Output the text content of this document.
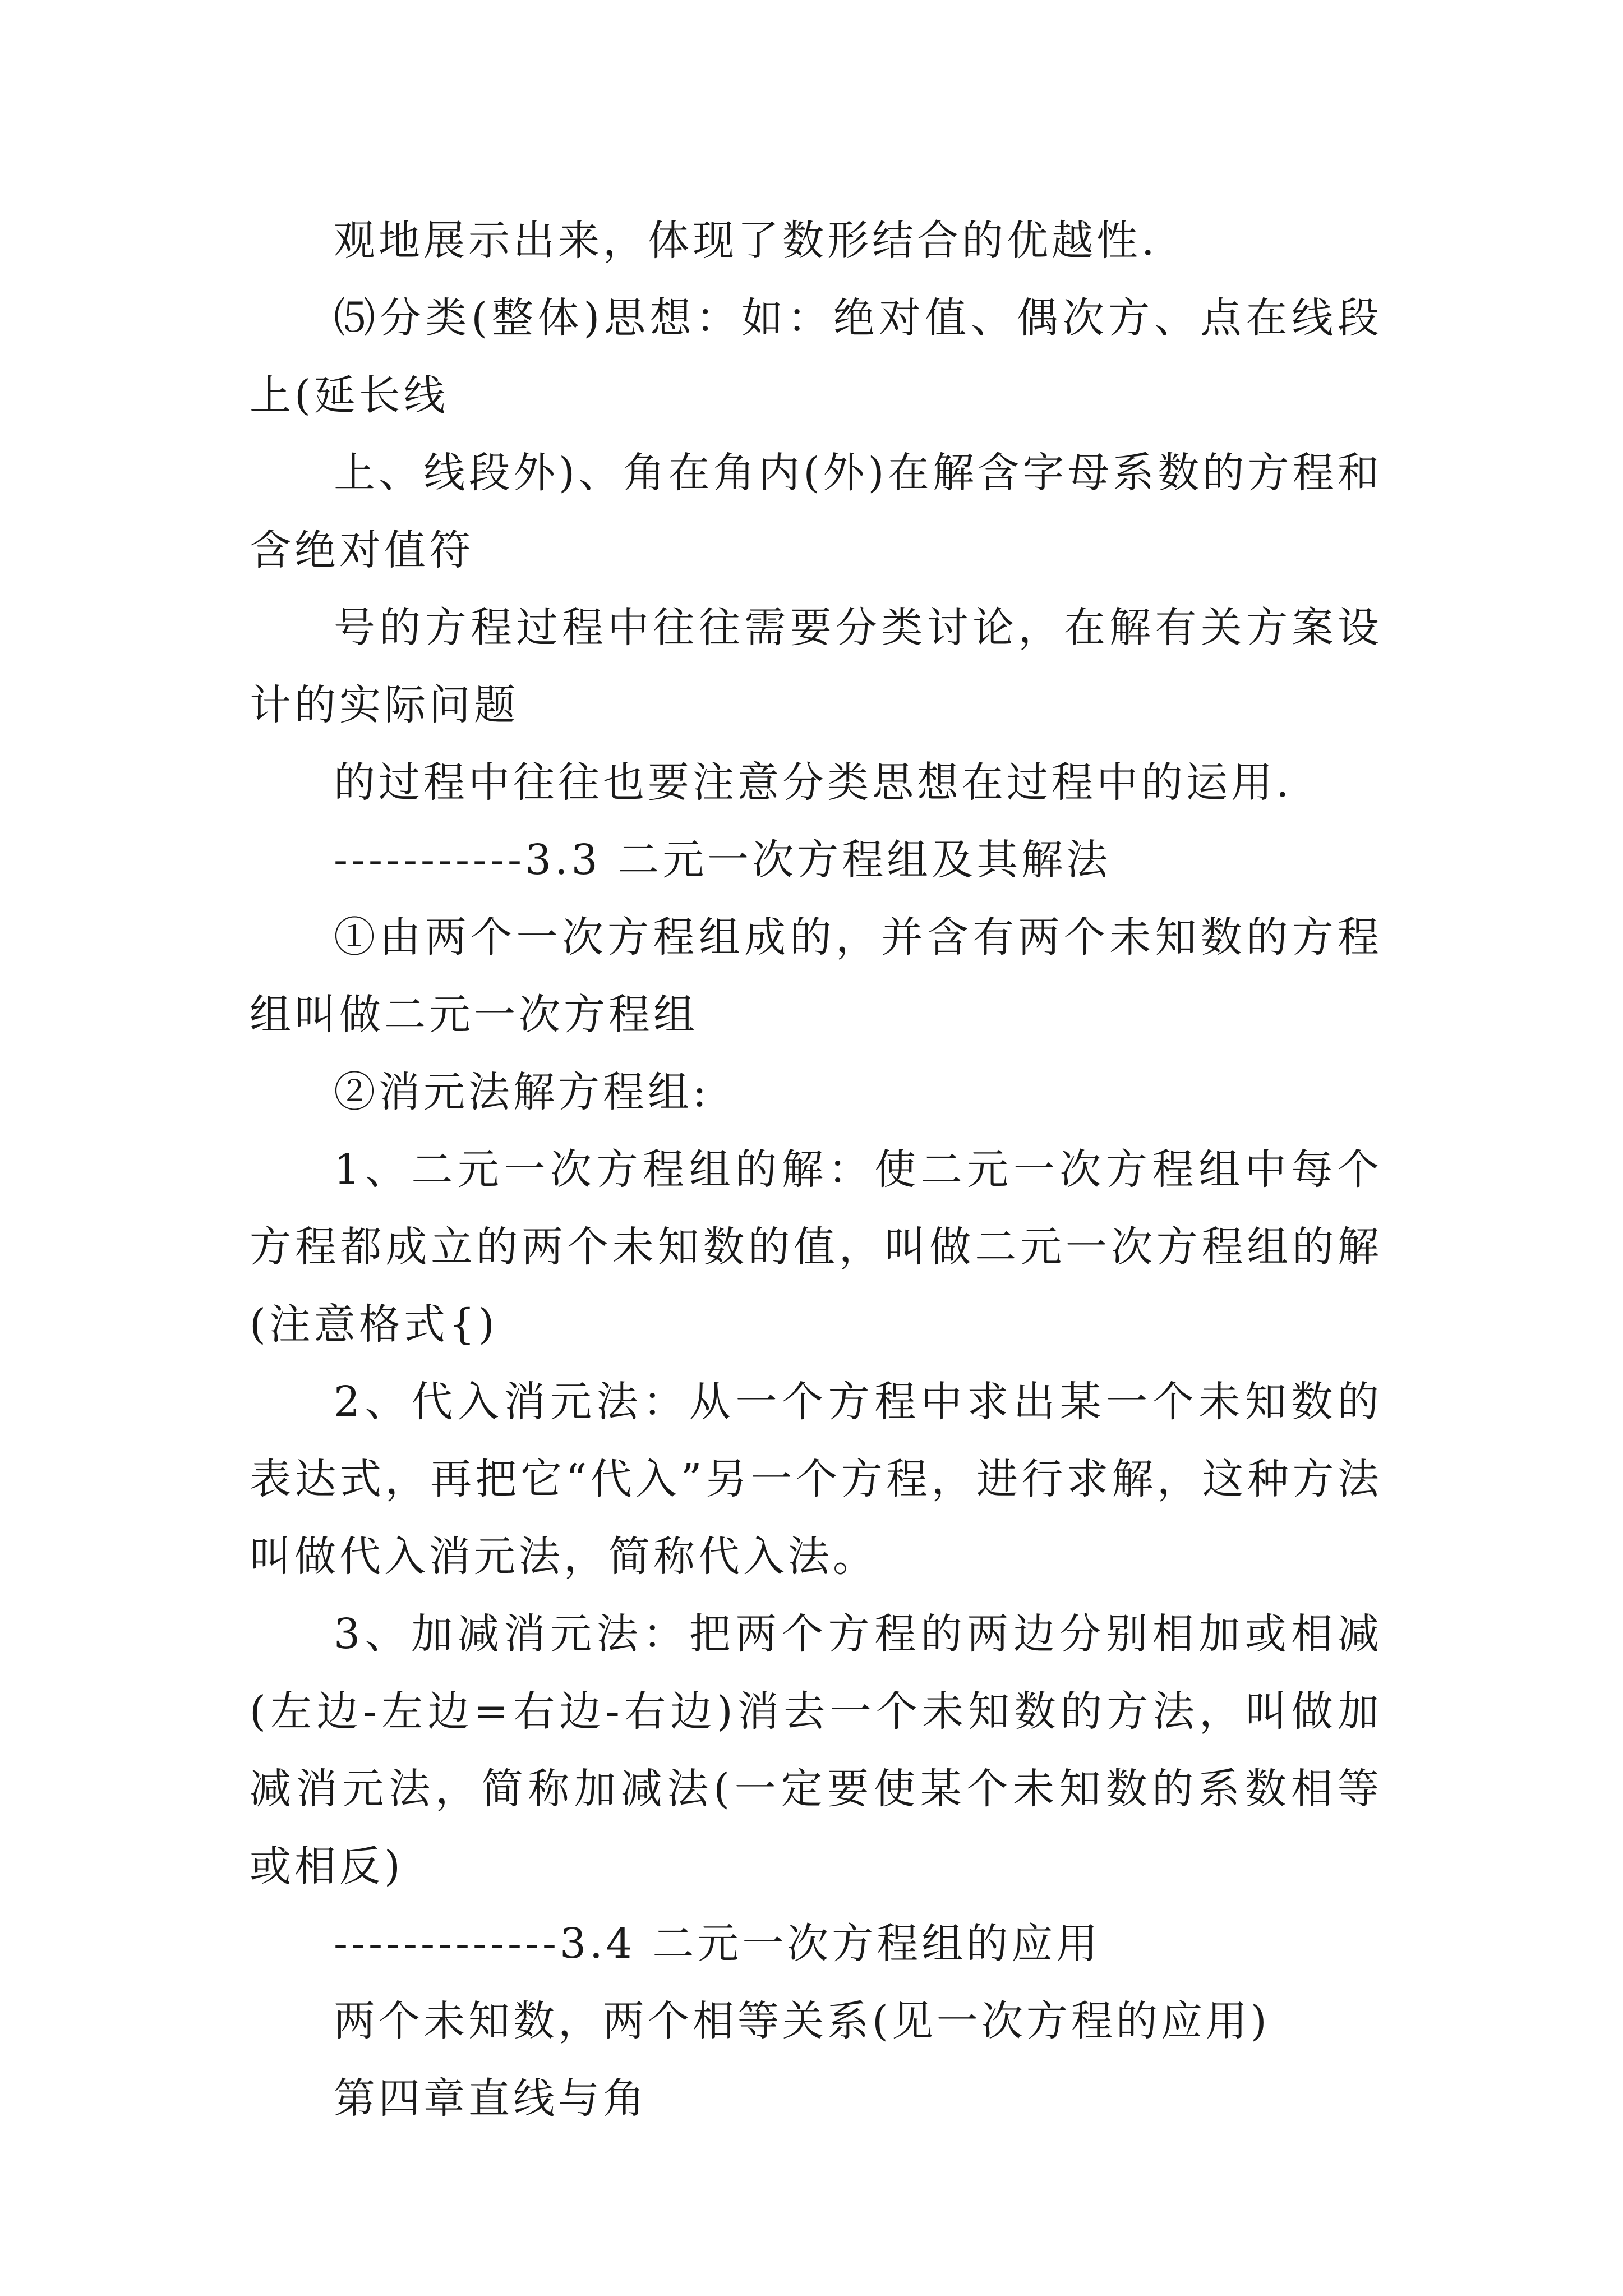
观地展示出来，体现了数形结合的优越性.

⑸分类(整体)思想：如：绝对值、偶次方、点在线段上(延长线

上、线段外)、角在角内(外)在解含字母系数的方程和含绝对值符

号的方程过程中往往需要分类讨论，在解有关方案设计的实际问题

的过程中往往也要注意分类思想在过程中的运用.

-----------3.3 二元一次方程组及其解法

①由两个一次方程组成的，并含有两个未知数的方程组叫做二元一次方程组

②消元法解方程组:

1、二元一次方程组的解：使二元一次方程组中每个方程都成立的两个未知数的值，叫做二元一次方程组的解(注意格式{)

2、代入消元法：从一个方程中求出某一个未知数的表达式，再把它“代入”另一个方程，进行求解，这种方法叫做代入消元法，简称代入法。

3、加减消元法：把两个方程的两边分别相加或相减(左边-左边=右边-右边)消去一个未知数的方法，叫做加减消元法，简称加减法(一定要使某个未知数的系数相等或相反)

-------------3.4 二元一次方程组的应用

两个未知数，两个相等关系(见一次方程的应用)

第四章直线与角
